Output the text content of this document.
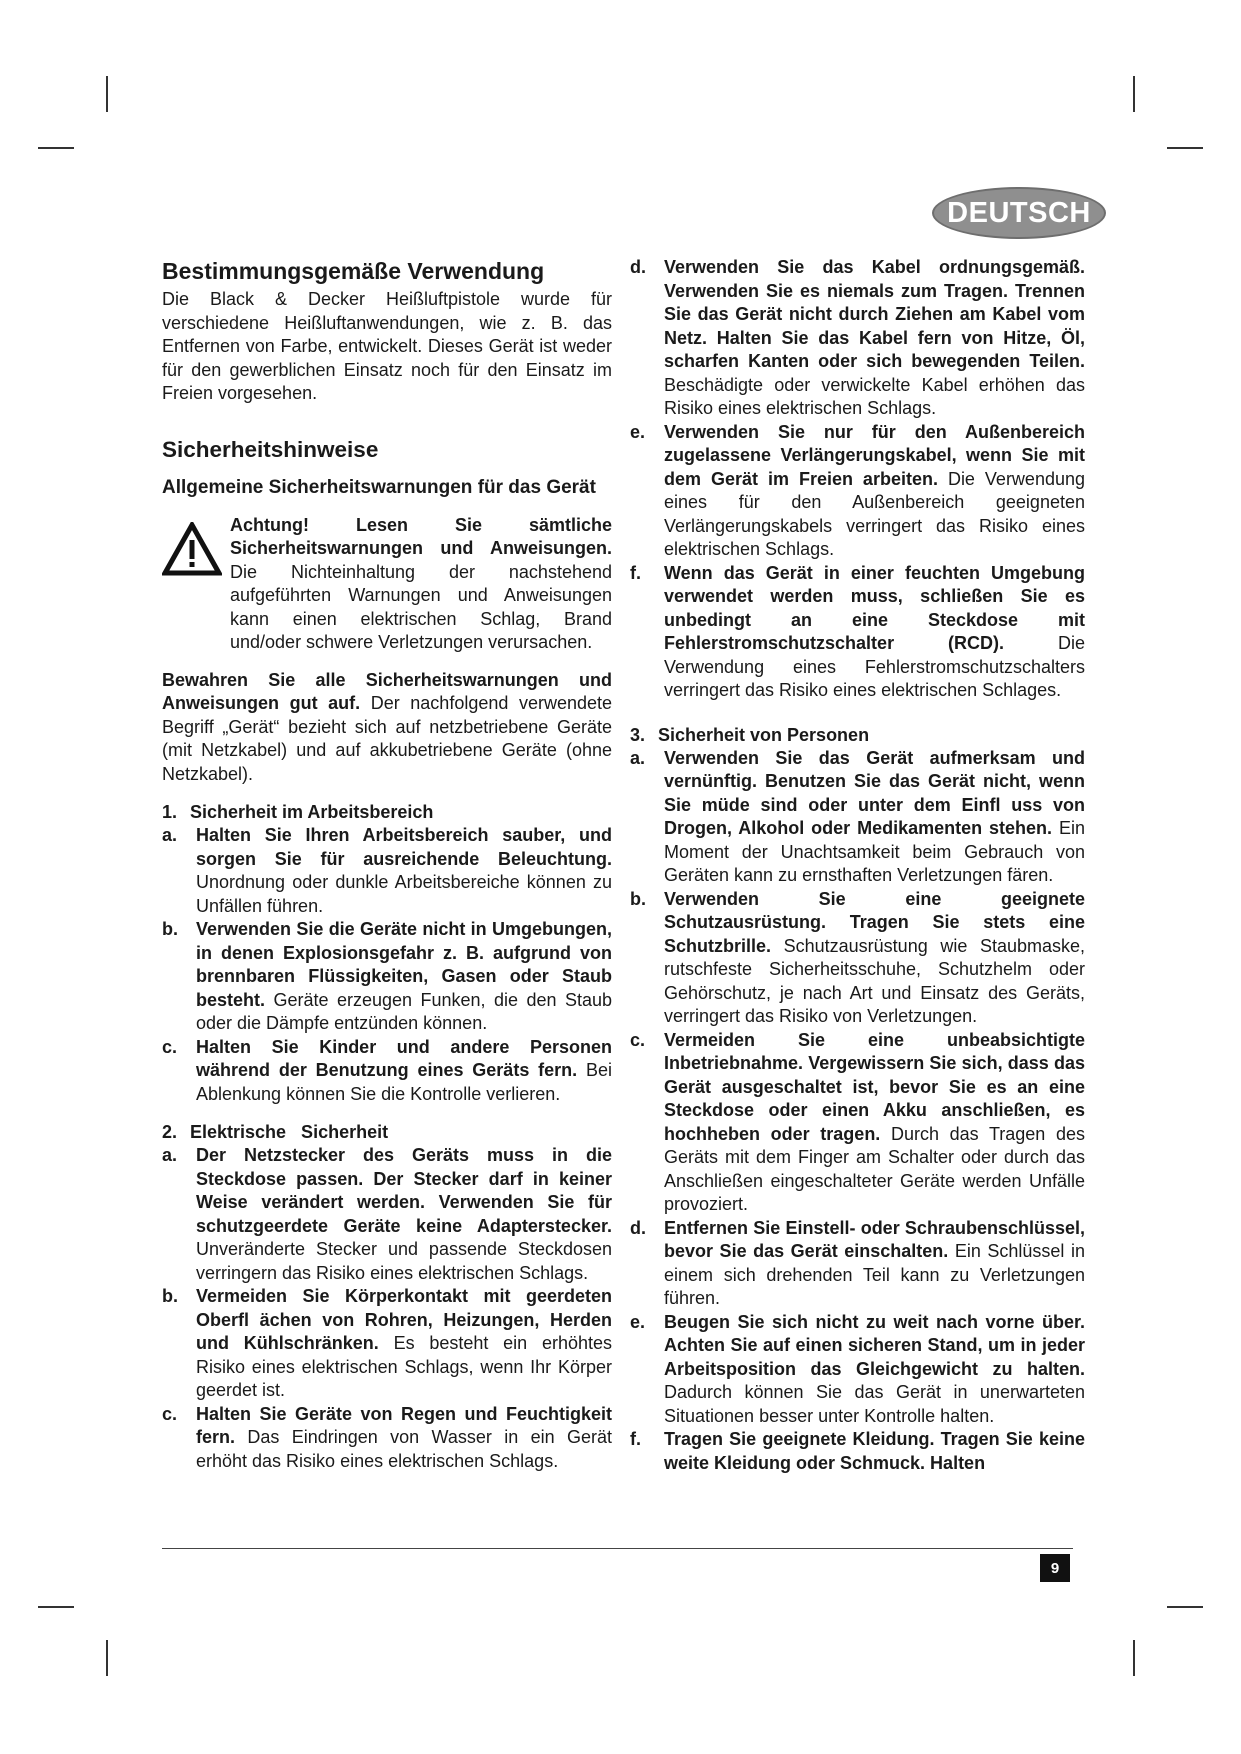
DEUTSCH

Bestimmungsgemäße Verwendung

Die Black & Decker Heißluftpistole wurde für verschiedene Heißluftanwendungen, wie z. B. das Entfernen von Farbe, entwickelt. Dieses Gerät ist weder für den gewerblichen Einsatz noch für den Einsatz im Freien vorgesehen.

Sicherheitshinweise

Allgemeine Sicherheitswarnungen für das Gerät

Achtung! Lesen Sie sämtliche Sicherheitswarnungen und Anweisungen. Die Nichteinhaltung der nachstehend aufgeführten Warnungen und Anweisungen kann einen elektrischen Schlag, Brand und/oder schwere Verletzungen verursachen.

Bewahren Sie alle Sicherheitswarnungen und Anweisungen gut auf. Der nachfolgend verwendete Begriff „Gerät“ bezieht sich auf netzbetriebene Geräte (mit Netzkabel) und auf akkubetriebene Geräte (ohne Netzkabel).

1. Sicherheit im Arbeitsbereich

a. Halten Sie Ihren Arbeitsbereich sauber, und sorgen Sie für ausreichende Beleuchtung. Unordnung oder dunkle Arbeitsbereiche können zu Unfällen führen.
b. Verwenden Sie die Geräte nicht in Umgebungen, in denen Explosionsgefahr z. B. aufgrund von brennbaren Flüssigkeiten, Gasen oder Staub besteht. Geräte erzeugen Funken, die den Staub oder die Dämpfe entzünden können.
c. Halten Sie Kinder und andere Personen während der Benutzung eines Geräts fern. Bei Ablenkung können Sie die Kontrolle verlieren.

2. Elektrische   Sicherheit

a. Der Netzstecker des Geräts muss in die Steckdose passen. Der Stecker darf in keiner Weise verändert werden. Verwenden Sie für schutzgeerdete Geräte keine Adapterstecker. Unveränderte Stecker und passende Steckdosen verringern das Risiko eines elektrischen Schlags.
b. Vermeiden Sie Körperkontakt mit geerdeten Oberfl ächen von Rohren, Heizungen, Herden und Kühlschränken. Es besteht ein erhöhtes Risiko eines elektrischen Schlags, wenn Ihr Körper geerdet ist.
c. Halten Sie Geräte von Regen und Feuchtigkeit fern. Das Eindringen von Wasser in ein Gerät erhöht das Risiko eines elektrischen Schlags.
d. Verwenden Sie das Kabel ordnungsgemäß. Verwenden Sie es niemals zum Tragen. Trennen Sie das Gerät nicht durch Ziehen am Kabel vom Netz. Halten Sie das Kabel fern von Hitze, Öl, scharfen Kanten oder sich bewegenden Teilen. Beschädigte oder verwickelte Kabel erhöhen das Risiko eines elektrischen Schlags.
e. Verwenden Sie nur für den Außenbereich zugelassene Verlängerungskabel, wenn Sie mit dem Gerät im Freien arbeiten. Die Verwendung eines für den Außenbereich geeigneten Verlängerungskabels verringert das Risiko eines elektrischen Schlags.
f. Wenn das Gerät in einer feuchten Umgebung verwendet werden muss, schließen Sie es unbedingt an eine Steckdose mit Fehlerstromschutzschalter (RCD). Die Verwendung eines Fehlerstromschutzschalters verringert das Risiko eines elektrischen Schlages.

3. Sicherheit von Personen

a. Verwenden Sie das Gerät aufmerksam und vernünftig. Benutzen Sie das Gerät nicht, wenn Sie müde sind oder unter dem Einfl uss von Drogen, Alkohol oder Medikamenten stehen. Ein Moment der Unachtsamkeit beim Gebrauch von Geräten kann zu ernsthaften Verletzungen fären.
b. Verwenden Sie eine geeignete Schutzausrüstung. Tragen Sie stets eine Schutzbrille. Schutzausrüstung wie Staubmaske, rutschfeste Sicherheitsschuhe, Schutzhelm oder Gehörschutz, je nach Art und Einsatz des Geräts, verringert das Risiko von Verletzungen.
c. Vermeiden Sie eine unbeabsichtigte Inbetriebnahme. Vergewissern Sie sich, dass das Gerät ausgeschaltet ist, bevor Sie es an eine Steckdose oder einen Akku anschließen, es hochheben oder tragen. Durch das Tragen des Geräts mit dem Finger am Schalter oder durch das Anschließen eingeschalteter Geräte werden Unfälle provoziert.
d. Entfernen Sie Einstell- oder Schraubenschlüssel, bevor Sie das Gerät einschalten. Ein Schlüssel in einem sich drehenden Teil kann zu Verletzungen führen.
e. Beugen Sie sich nicht zu weit nach vorne über. Achten Sie auf einen sicheren Stand, um in jeder Arbeitsposition das Gleichgewicht zu halten. Dadurch können Sie das Gerät in unerwarteten Situationen besser unter Kontrolle halten.
f. Tragen Sie geeignete Kleidung. Tragen Sie keine weite Kleidung oder Schmuck. Halten
9
